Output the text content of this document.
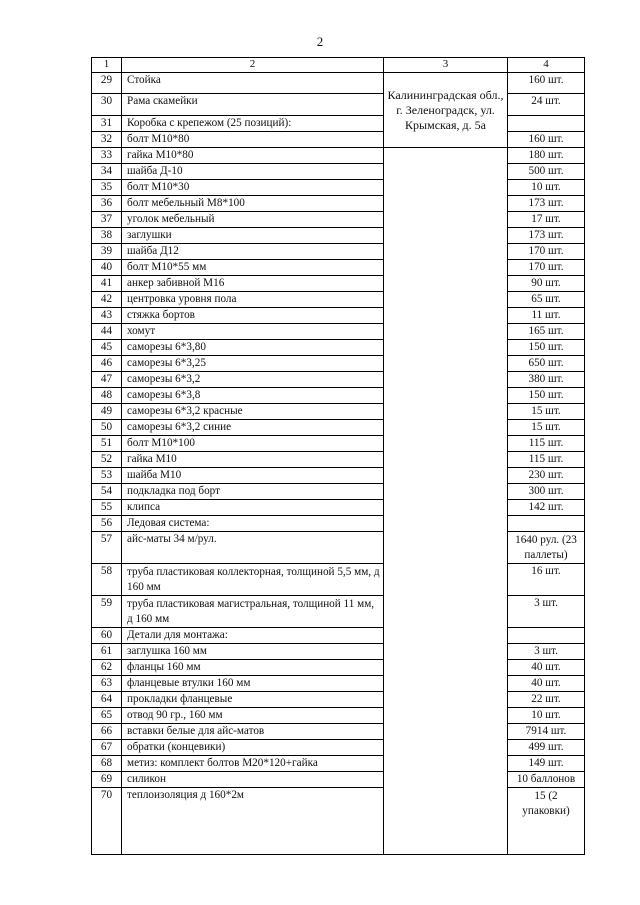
2
1	2	3	4
29	Стойка	Калининградская обл., г. Зеленоградск, ул. Крымская, д. 5а	160 шт.
30	Рама скамейки		24 шт.
31	Коробка с крепежом (25 позиций):		
32	болт М10*80		160 шт.
33	гайка М10*80		180 шт.
34	шайба Д-10		500 шт.
35	болт М10*30		10 шт.
36	болт мебельный М8*100		173 шт.
37	уголок мебельный		17 шт.
38	заглушки		173 шт.
39	шайба Д12		170 шт.
40	болт М10*55 мм		170 шт.
41	анкер забивной М16		90 шт.
42	центровка уровня пола		65 шт.
43	стяжка бортов		11 шт.
44	хомут		165 шт.
45	саморезы 6*3,80		150 шт.
46	саморезы 6*3,25		650 шт.
47	саморезы 6*3,2		380 шт.
48	саморезы 6*3,8		150 шт.
49	саморезы 6*3,2 красные		15 шт.
50	саморезы 6*3,2 синие		15 шт.
51	болт М10*100		115 шт.
52	гайка М10		115 шт.
53	шайба М10		230 шт.
54	подкладка под борт		300 шт.
55	клипса		142 шт.
56	Ледовая система:		
57	айс-маты 34 м/рул.		1640 рул. (23 паллеты)
58	труба пластиковая коллекторная, толщиной 5,5 мм, д 160 мм		16 шт.
59	труба пластиковая магистральная, толщиной 11 мм, д 160 мм		3 шт.
60	Детали для монтажа:		
61	заглушка 160 мм		3 шт.
62	фланцы 160 мм		40 шт.
63	фланцевые втулки 160 мм		40 шт.
64	прокладки фланцевые		22 шт.
65	отвод 90 гр., 160 мм		10 шт.
66	вставки белые для айс-матов		7914 шт.
67	обратки (концевики)		499 шт.
68	метиз: комплект болтов М20*120+гайка		149 шт.
69	силикон		10 баллонов
70	теплоизоляция д 160*2м		15 (2 упаковки)
